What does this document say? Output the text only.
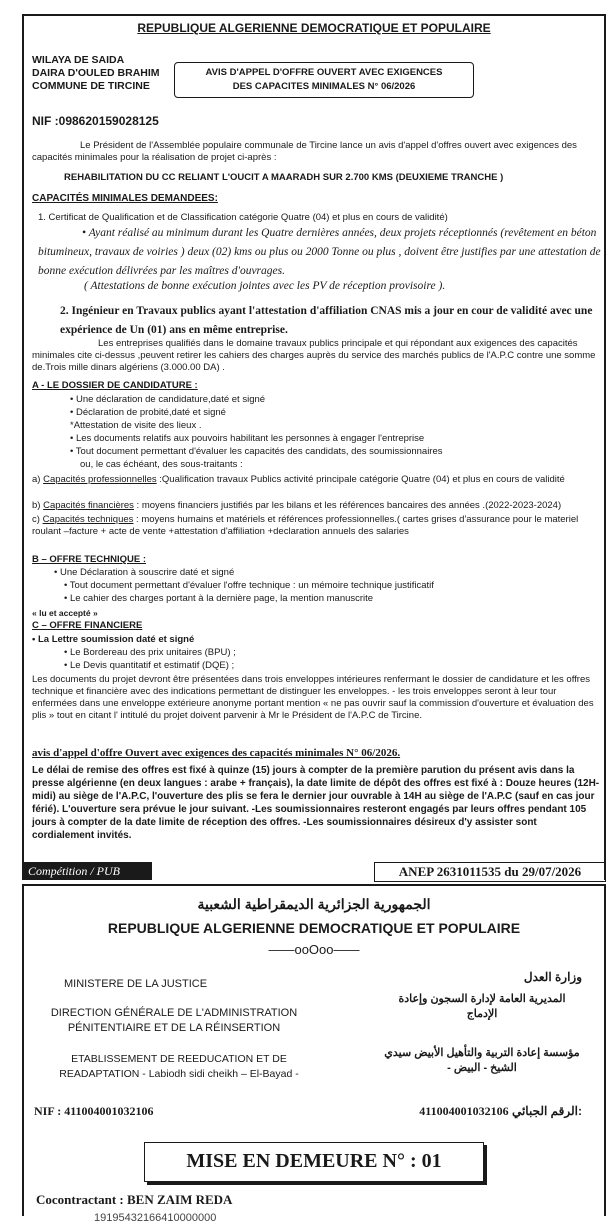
REPUBLIQUE ALGERIENNE DEMOCRATIQUE ET POPULAIRE
WILAYA DE SAIDA
DAIRA D'OULED BRAHIM
COMMUNE DE TIRCINE
AVIS D'APPEL D'OFFRE OUVERT AVEC EXIGENCES
DES CAPACITES MINIMALES N° 06/2026
NIF :098620159028125
Le Président de l'Assemblée populaire communale de Tircine lance un avis d'appel d'offres ouvert avec exigences des capacités minimales pour la réalisation de projet ci-après :
REHABILITATION DU CC RELIANT L'OUCIT A MAARADH SUR 2.700 KMS (DEUXIEME TRANCHE )
CAPACITÉS MINIMALES DEMANDEES:
1. Certificat de Qualification et de Classification catégorie Quatre (04) et plus en cours de validité)
• Ayant réalisé au minimum durant les Quatre dernières années, deux projets réceptionnés (revêtement en béton bitumineux, travaux de voiries ) deux (02) kms ou plus ou 2000 Tonne ou plus , doivent être justifies par une attestation de bonne exécution délivrées par les maîtres d'ouvrages.
( Attestations de bonne exécution jointes avec les PV de réception provisoire ).
2. Ingénieur en Travaux publics ayant l'attestation d'affiliation CNAS mis a jour en cour de validité avec une expérience de Un (01) ans en même entreprise.
Les entreprises qualifiés dans le domaine travaux publics principale et qui répondant aux exigences des capacités minimales cite ci-dessus ,peuvent retirer les cahiers des charges auprès du service des marchés publics de l'A.P.C contre une somme de.Trois mille dinars algériens (3.000.00 DA) .
A - LE DOSSIER DE CANDIDATURE :
• Une déclaration de candidature,daté et signé
• Déclaration de probité,daté et signé
*Attestation de visite des lieux .
• Les documents relatifs aux pouvoirs habilitant les personnes à engager l'entreprise
• Tout document permettant d'évaluer les capacités des candidats, des soumissionnaires
ou, le cas échéant, des sous-traitants :
a) Capacités professionnelles :Qualification travaux Publics activité principale catégorie Quatre (04) et plus en cours de validité
b) Capacités financières : moyens financiers justifiés par les bilans et les références bancaires des années .(2022-2023-2024)
c) Capacités techniques : moyens humains et matériels et références professionnelles.( cartes grises d'assurance pour le materiel roulant –facture + acte de vente +attestation d'affiliation +declaration annuels des salaries
B – OFFRE TECHNIQUE :
• Une Déclaration à souscrire daté et signé
• Tout document permettant d'évaluer l'offre technique : un mémoire technique justificatif
• Le cahier des charges portant à la dernière page, la mention manuscrite
« lu et accepté »
C – OFFRE FINANCIERE
• La Lettre soumission daté et signé
• Le Bordereau des prix unitaires (BPU) ;
• Le Devis quantitatif et estimatif (DQE) ;
Les documents du projet devront être présentées dans trois enveloppes intérieures renfermant le dossier de candidature et les offres technique et financière avec des indications permettant de distinguer les enveloppes. - les trois enveloppes seront à leur tour enfermées dans une enveloppe extérieure anonyme portant mention « ne pas ouvrir sauf la commission d'ouverture et évaluation des plis » tout en citant l' intitulé du projet doivent parvenir à Mr le Président de l'A.P.C de Tircine.
avis d'appel d'offre Ouvert avec exigences des capacités minimales N° 06/2026.
Le délai de remise des offres est fixé à quinze (15) jours à compter de la première parution du présent avis dans la presse algérienne (en deux langues : arabe + français), la date limite de dépôt des offres est fixé à : Douze heures (12H-midi) au siège de l'A.P.C, l'ouverture des plis se fera le dernier jour ouvrable à 14H au siège de l'A.P.C (sauf en cas jour férié). L'ouverture sera prévue le jour suivant. -Les soumissionnaires resteront engagés par leurs offres pendant 105 jours à compter de la date limite de réception des offres. -Les soumissionnaires désireux d'y assister sont cordialement invités.
Compétition / PUB	ANEP 2631011535 du 29/07/2026
الجمهورية الجزائرية الديمقراطية الشعبية
REPUBLIQUE ALGERIENNE DEMOCRATIQUE ET POPULAIRE
——ooOoo——
MINISTERE DE LA JUSTICE
DIRECTION GÉNÉRALE DE L'ADMINISTRATION PÉNITENTIAIRE ET DE LA RÉINSERTION
ETABLISSEMENT DE REEDUCATION ET DE READAPTATION - Labiodh sidi cheikh – El-Bayad -
NIF : 411004001032106
وزارة العدل
المديرية العامة لإدارة السجون وإعادة الإدماج
مؤسسة إعادة التربية والتأهيل الأبيض سيدي الشيخ - البيض -
411004001032106 الرقم الجبائي:
MISE EN DEMEURE N° : 01
Cocontractant : BEN ZAIM REDA
19195432166410000000
